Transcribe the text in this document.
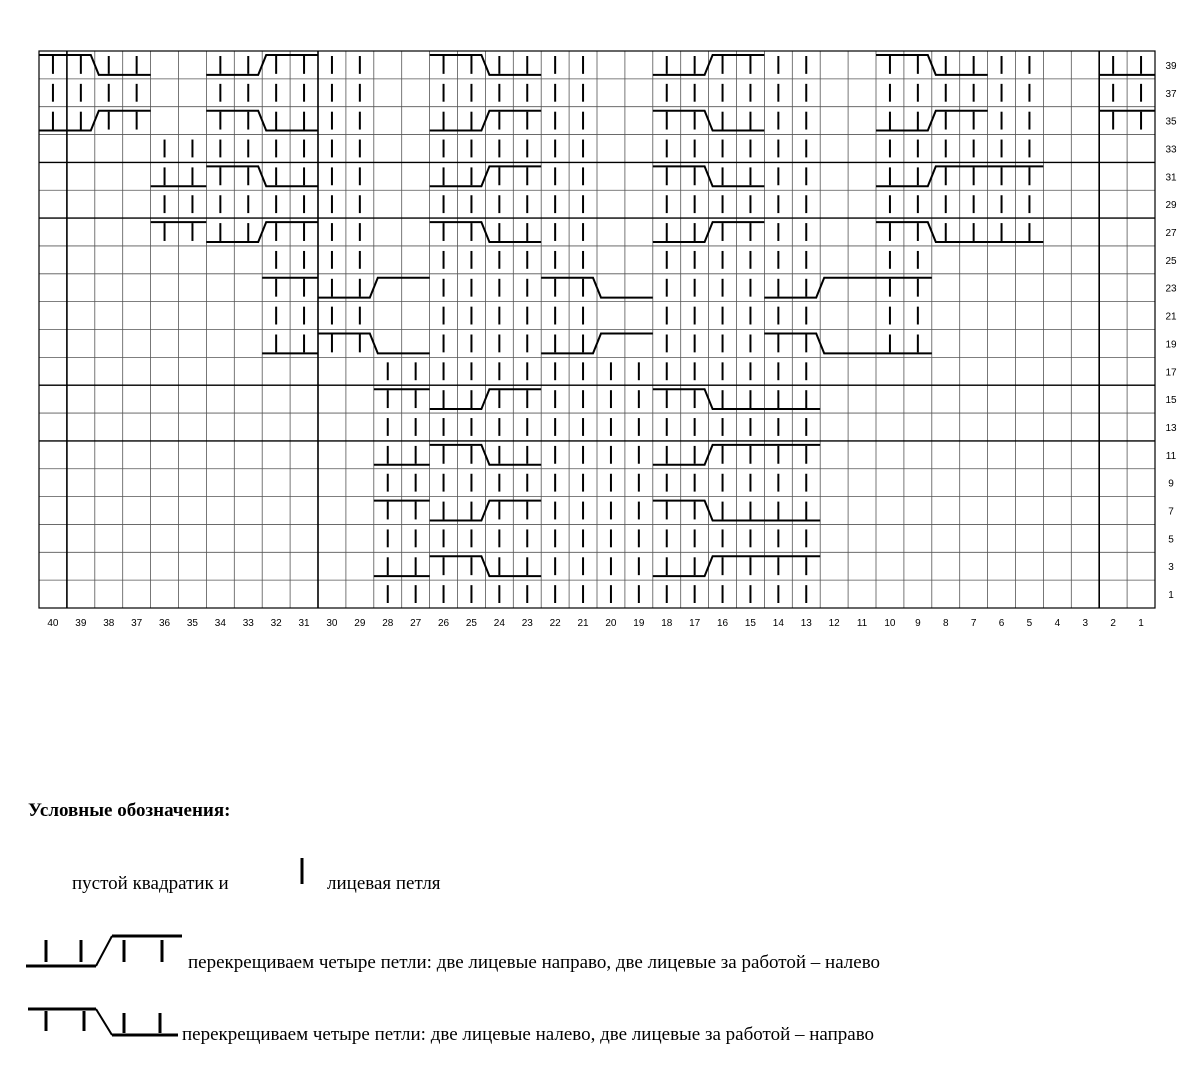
40 39 38 37 36 35 34 33 32 31 30 29 28 27 26 25 24 23 22 21 20 19 18 17 16 15 14 13 12 11 10 9 8 7 6 5 4 3 2 1
39
37
35
33
31
29
27
25
23
21
19
17
15
13
11
9
7
5
3
1
Условные обозначения:
пустой квадратик и	лицевая петля
перекрещиваем четыре петли: две лицевые направо, две лицевые за работой – налево
перекрещиваем четыре петли: две лицевые налево, две лицевые за работой – направо
